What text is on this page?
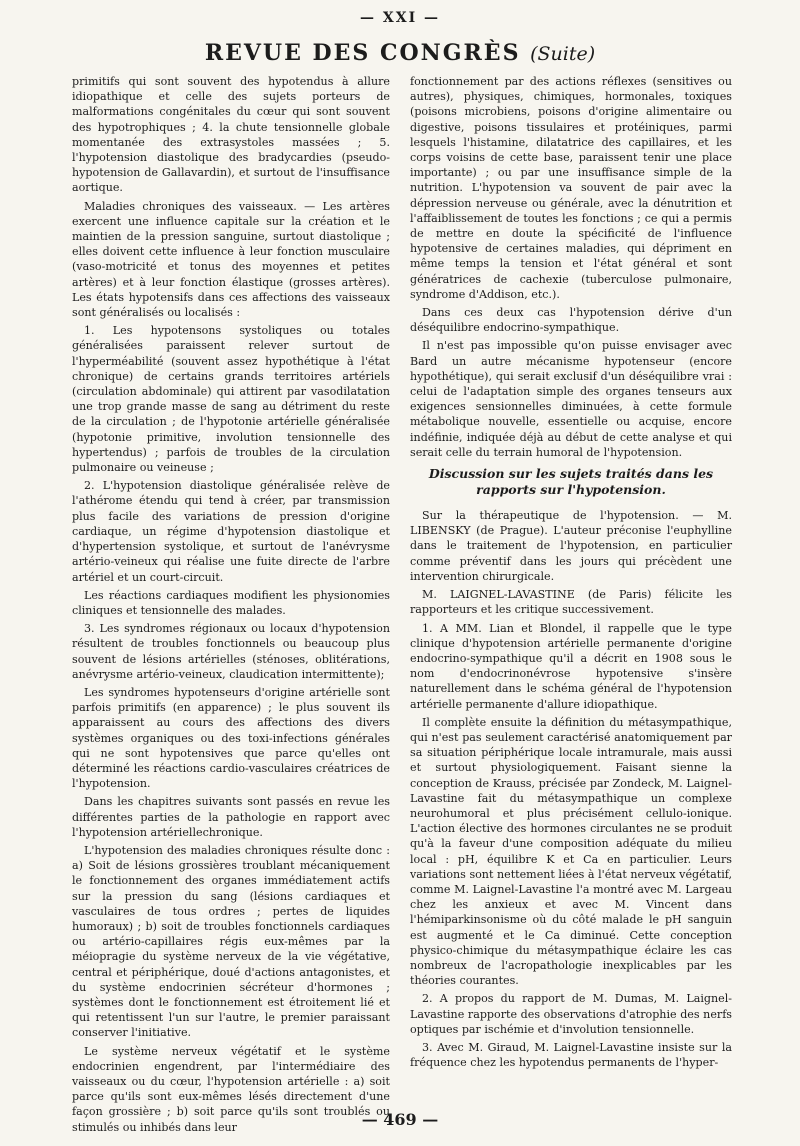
— XXI —
REVUE DES CONGRÈS (Suite)

primitifs qui sont souvent des hypotendus à allure idiopathique et celle des sujets porteurs de malformations congénitales du cœur qui sont souvent des hypotrophiques ; 4. la chute tensionnelle globale momentanée des extrasystoles massées ; 5. l'hypotension diastolique des bradycardies (pseudo-hypotension de Gallavardin), et surtout de l'insuffisance aortique.

Maladies chroniques des vaisseaux. — Les artères exercent une influence capitale sur la création et le maintien de la pression sanguine, surtout diastolique ; elles doivent cette influence à leur fonction musculaire (vaso-motricité et tonus des moyennes et petites artères) et à leur fonction élastique (grosses artères). Les états hypotensifs dans ces affections des vaisseaux sont généralisés ou localisés :

1. Les hypotensons systoliques ou totales généralisées paraissent relever surtout de l'hyperméabilité (souvent assez hypothétique à l'état chronique) de certains grands territoires artériels (circulation abdominale) qui attirent par vasodilatation une trop grande masse de sang au détriment du reste de la circulation ; de l'hypotonie artérielle généralisée (hypotonie primitive, involution tensionnelle des hypertendus) ; parfois de troubles de la circulation pulmonaire ou veineuse ;

2. L'hypotension diastolique généralisée relève de l'athérome étendu qui tend à créer, par transmission plus facile des variations de pression d'origine cardiaque, un régime d'hypotension diastolique et d'hypertension systolique, et surtout de l'anévrysme artério-veineux qui réalise une fuite directe de l'arbre artériel et un court-circuit.

Les réactions cardiaques modifient les physionomies cliniques et tensionnelle des malades.

3. Les syndromes régionaux ou locaux d'hypotension résultent de troubles fonctionnels ou beaucoup plus souvent de lésions artérielles (sténoses, oblitérations, anévrysme artério-veineux, claudication intermittente);

Les syndromes hypotenseurs d'origine artérielle sont parfois primitifs (en apparence) ; le plus souvent ils apparaissent au cours des affections des divers systèmes organiques ou des toxi-infections générales qui ne sont hypotensives que parce qu'elles ont déterminé les réactions cardio-vasculaires créatrices de l'hypotension.

Dans les chapitres suivants sont passés en revue les différentes parties de la pathologie en rapport avec l'hypotension artériellechronique.

L'hypotension des maladies chroniques résulte donc : a) Soit de lésions grossières troublant mécaniquement le fonctionnement des organes immédiatement actifs sur la pression du sang (lésions cardiaques et vasculaires de tous ordres ; pertes de liquides humoraux) ; b) soit de troubles fonctionnels cardiaques ou artério-capillaires régis eux-mêmes par la méiopragie du système nerveux de la vie végétative, central et périphérique, doué d'actions antagonistes, et du système endocrinien sécréteur d'hormones ; systèmes dont le fonctionnement est étroitement lié et qui retentissent l'un sur l'autre, le premier paraissant conserver l'initiative.

Le système nerveux végétatif et le système endocrinien engendrent, par l'intermédiaire des vaisseaux ou du cœur, l'hypotension artérielle : a) soit parce qu'ils sont eux-mêmes lésés directement d'une façon grossière ; b) soit parce qu'ils sont troublés ou stimulés ou inhibés dans leur

fonctionnement par des actions réflexes (sensitives ou autres), physiques, chimiques, hormonales, toxiques (poisons microbiens, poisons d'origine alimentaire ou digestive, poisons tissulaires et protéiniques, parmi lesquels l'histamine, dilatatrice des capillaires, et les corps voisins de cette base, paraissent tenir une place importante) ; ou par une insuffisance simple de la nutrition. L'hypotension va souvent de pair avec la dépression nerveuse ou générale, avec la dénutrition et l'affaiblissement de toutes les fonctions ; ce qui a permis de mettre en doute la spécificité de l'influence hypotensive de certaines maladies, qui dépriment en même temps la tension et l'état général et sont génératrices de cachexie (tuberculose pulmonaire, syndrome d'Addison, etc.).

Dans ces deux cas l'hypotension dérive d'un déséquilibre endocrino-sympathique.

Il n'est pas impossible qu'on puisse envisager avec Bard un autre mécanisme hypotenseur (encore hypothétique), qui serait exclusif d'un déséquilibre vrai : celui de l'adaptation simple des organes tenseurs aux exigences sensionnelles diminuées, à cette formule métabolique nouvelle, essentielle ou acquise, encore indéfinie, indiquée déjà au début de cette analyse et qui serait celle du terrain humoral de l'hypotension.

Discussion sur les sujets traités dans les rapports sur l'hypotension.

Sur la thérapeutique de l'hypotension. — M. LIBENSKY (de Prague). L'auteur préconise l'euphylline dans le traitement de l'hypotension, en particulier comme préventif dans les jours qui précèdent une intervention chirurgicale.

M. LAIGNEL-LAVASTINE (de Paris) félicite les rapporteurs et les critique successivement.

1. A MM. Lian et Blondel, il rappelle que le type clinique d'hypotension artérielle permanente d'origine endocrino-sympathique qu'il a décrit en 1908 sous le nom d'endocrinonévrose hypotensive s'insère naturellement dans le schéma général de l'hypotension artérielle permanente d'allure idiopathique.

Il complète ensuite la définition du métasympathique, qui n'est pas seulement caractérisé anatomiquement par sa situation périphérique locale intramurale, mais aussi et surtout physiologiquement. Faisant sienne la conception de Krauss, précisée par Zondeck, M. Laignel-Lavastine fait du métasympathique un complexe neurohumoral et plus précisément cellulo-ionique. L'action élective des hormones circulantes ne se produit qu'à la faveur d'une composition adéquate du milieu local : pH, équilibre K et Ca en particulier. Leurs variations sont nettement liées à l'état nerveux végétatif, comme M. Laignel-Lavastine l'a montré avec M. Largeau chez les anxieux et avec M. Vincent dans l'hémiparkinsonisme où du côté malade le pH sanguin est augmenté et le Ca diminué. Cette conception physico-chimique du métasympathique éclaire les cas nombreux de l'acropathologie inexplicables par les théories courantes.

2. A propos du rapport de M. Dumas, M. Laignel-Lavastine rapporte des observations d'atrophie des nerfs optiques par ischémie et d'involution tensionnelle.

3. Avec M. Giraud, M. Laignel-Lavastine insiste sur la fréquence chez les hypotendus permanents de l'hyper-

— 469 —
